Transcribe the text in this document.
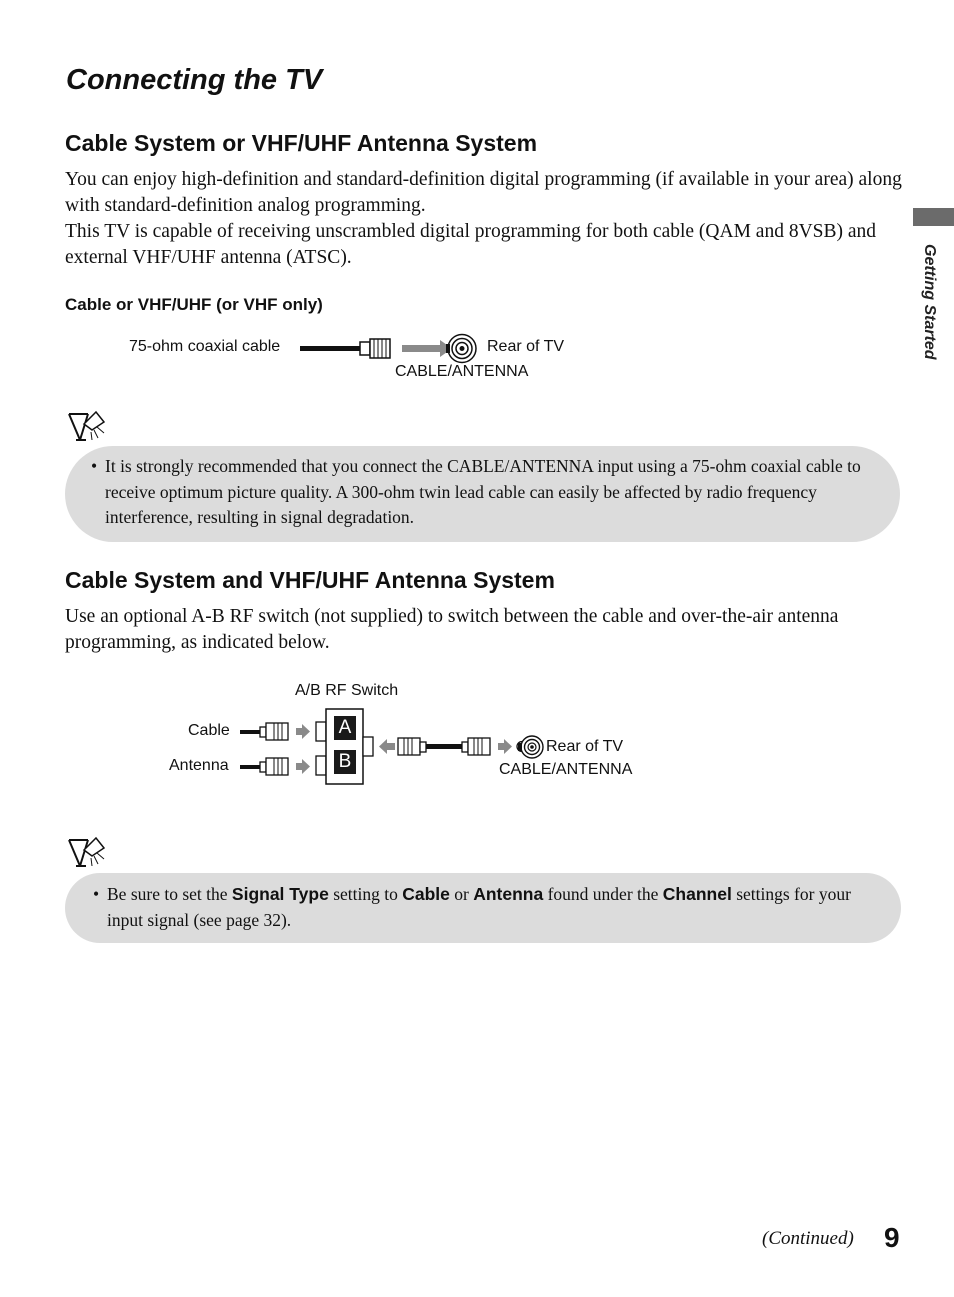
Connecting the TV
Cable System or VHF/UHF Antenna System

You can enjoy high-definition and standard-definition digital programming (if available in your area) along with standard-definition analog programming.

This TV is capable of receiving unscrambled digital programming for both cable (QAM and 8VSB) and external VHF/UHF antenna (ATSC).

Cable or VHF/UHF (or VHF only)
75-ohm coaxial cable	Rear of TV
CABLE/ANTENNA
• It is strongly recommended that you connect the CABLE/ANTENNA input using a 75-ohm coaxial cable to receive optimum picture quality. A 300-ohm twin lead cable can easily be affected by radio frequency interference, resulting in signal degradation.
Cable System and VHF/UHF Antenna System

Use an optional A-B RF switch (not supplied) to switch between the cable and over-the-air antenna programming, as indicated below.

A/B RF Switch
Cable
Antenna
A
B
Rear of TV
CABLE/ANTENNA
• Be sure to set the Signal Type setting to Cable or Antenna found under the Channel settings for your input signal (see page 32).
Getting Started
(Continued) 9
